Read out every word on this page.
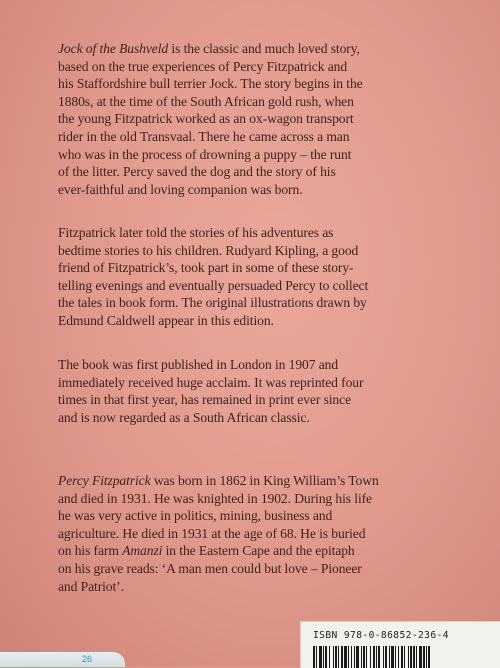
Jock of the Bushveld is the classic and much loved story,
based on the true experiences of Percy Fitzpatrick and
his Staffordshire bull terrier Jock. The story begins in the
1880s, at the time of the South African gold rush, when
the young Fitzpatrick worked as an ox-wagon transport
rider in the old Transvaal. There he came across a man
who was in the process of drowning a puppy – the runt
of the litter. Percy saved the dog and the story of his
ever-faithful and loving companion was born.
Fitzpatrick later told the stories of his adventures as
bedtime stories to his children. Rudyard Kipling, a good
friend of Fitzpatrick’s, took part in some of these story-
telling evenings and eventually persuaded Percy to collect
the tales in book form. The original illustrations drawn by
Edmund Caldwell appear in this edition.
The book was first published in London in 1907 and
immediately received huge acclaim. It was reprinted four
times in that first year, has remained in print ever since
and is now regarded as a South African classic.
Percy Fitzpatrick was born in 1862 in King William’s Town
and died in 1931. He was knighted in 1902. During his life
he was very active in politics, mining, business and
agriculture. He died in 1931 at the age of 68. He is buried
on his farm Amanzi in the Eastern Cape and the epitaph
on his grave reads: ‘A man men could but love – Pioneer
and Patriot’.
ISBN 978-0-86852-236-4
26
